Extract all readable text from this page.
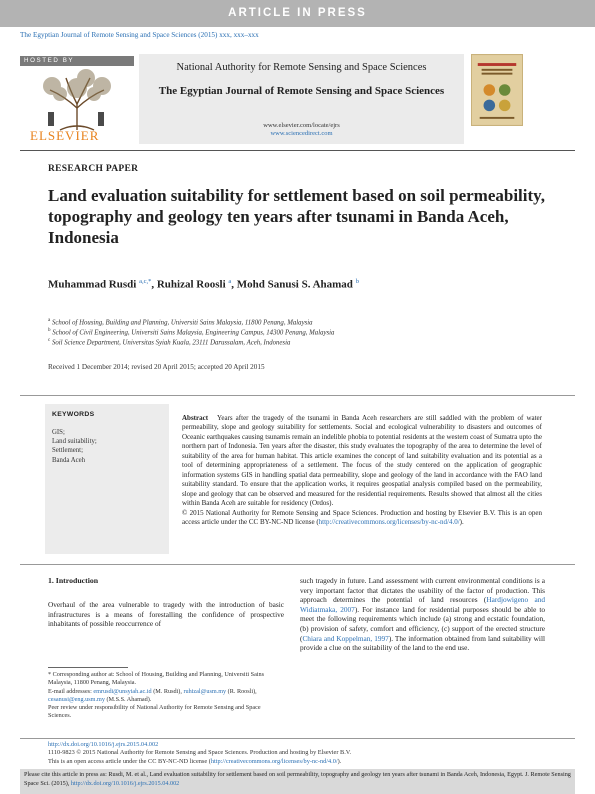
ARTICLE IN PRESS
The Egyptian Journal of Remote Sensing and Space Sciences (2015) xxx, xxx–xxx
HOSTED BY
ELSEVIER
National Authority for Remote Sensing and Space Sciences
The Egyptian Journal of Remote Sensing and Space Sciences
www.elsevier.com/locate/ejrs
www.sciencedirect.com
RESEARCH PAPER
Land evaluation suitability for settlement based on soil permeability, topography and geology ten years after tsunami in Banda Aceh, Indonesia
Muhammad Rusdi $^{a,c,*}$, Ruhizal Roosli $^a$, Mohd Sanusi S. Ahamad $^b$
$^a$ School of Housing, Building and Planning, Universiti Sains Malaysia, 11800 Penang, Malaysia
$^b$ School of Civil Engineering, Universiti Sains Malaysia, Engineering Campus, 14300 Penang, Malaysia
$^c$ Soil Science Department, Universitas Syiah Kuala, 23111 Darussalam, Aceh, Indonesia
Received 1 December 2014; revised 20 April 2015; accepted 20 April 2015
KEYWORDS
GIS;
Land suitability;
Settlement;
Banda Aceh
Abstract Years after the tragedy of the tsunami in Banda Aceh researchers are still saddled with the problem of water permeability, slope and geology suitability for settlements. Social and ecological vulnerability to disasters and outcomes of Oceanic earthquakes causing tsunamis remain an indelible phobia to potential residents at the western coast of Sumatra upto the northern part of Indonesia. Ten years after the disaster, this study evaluates the topography of the area to determine the level of suitability of the area for human habitat. This article examines the concept of land suitability evaluation and its potential as a tool of determining appropriateness of a settlement. The focus of the study centered on the application of geographic information systems GIS in handling spatial data permeability, slope and geology of the land in accordance with the FAO land suitability standard. To ensure that the application works, it requires geospatial analysis compiled based on the permeability, slope and geology that can be observed and measured for the residential requirements. Results showed that almost all the cities within Banda Aceh are suitable for residency (Ordos).
© 2015 National Authority for Remote Sensing and Space Sciences. Production and hosting by Elsevier B.V. This is an open access article under the CC BY-NC-ND license (http://creativecommons.org/licenses/by-nc-nd/4.0/).
1. Introduction
Overhaul of the area vulnerable to tragedy with the introduction of basic infrastructures is a means of forestalling the confidence of prospective inhabitants of possible reoccurrence of
such tragedy in future. Land assessment with current environmental conditions is a very important factor that dictates the usability of the factor of production. This approach determines the potential of land resources (Hardjowigeno and Widiatmaka, 2007). For instance land for residential purposes should be able to meet the following requirements which include (a) strong and ecstatic foundation, (b) provision of safety, comfort and efficiency, (c) support of the erected structure (Chiara and Koppelman, 1997). The information obtained from land suitability will provide a clue on the suitability of the land to the end use.
* Corresponding author at: School of Housing, Building and Planning, Universiti Sains Malaysia, 11800 Penang, Malaysia.
E-mail addresses: emrusdi@unsyiah.ac.id (M. Rusdi), ruhizal@usm.my (R. Roosli), cesanusi@eng.usm.my (M.S.S. Ahamad).
Peer review under responsibility of National Authority for Remote Sensing and Space Sciences.
http://dx.doi.org/10.1016/j.ejrs.2015.04.002
1110-9823 © 2015 National Authority for Remote Sensing and Space Sciences. Production and hosting by Elsevier B.V.
This is an open access article under the CC BY-NC-ND license (http://creativecommons.org/licenses/by-nc-nd/4.0/).
Please cite this article in press as: Rusdi, M. et al., Land evaluation suitability for settlement based on soil permeability, topography and geology ten years after tsunami in Banda Aceh, Indonesia, Egypt. J. Remote Sensing Space Sci. (2015), http://dx.doi.org/10.1016/j.ejrs.2015.04.002
